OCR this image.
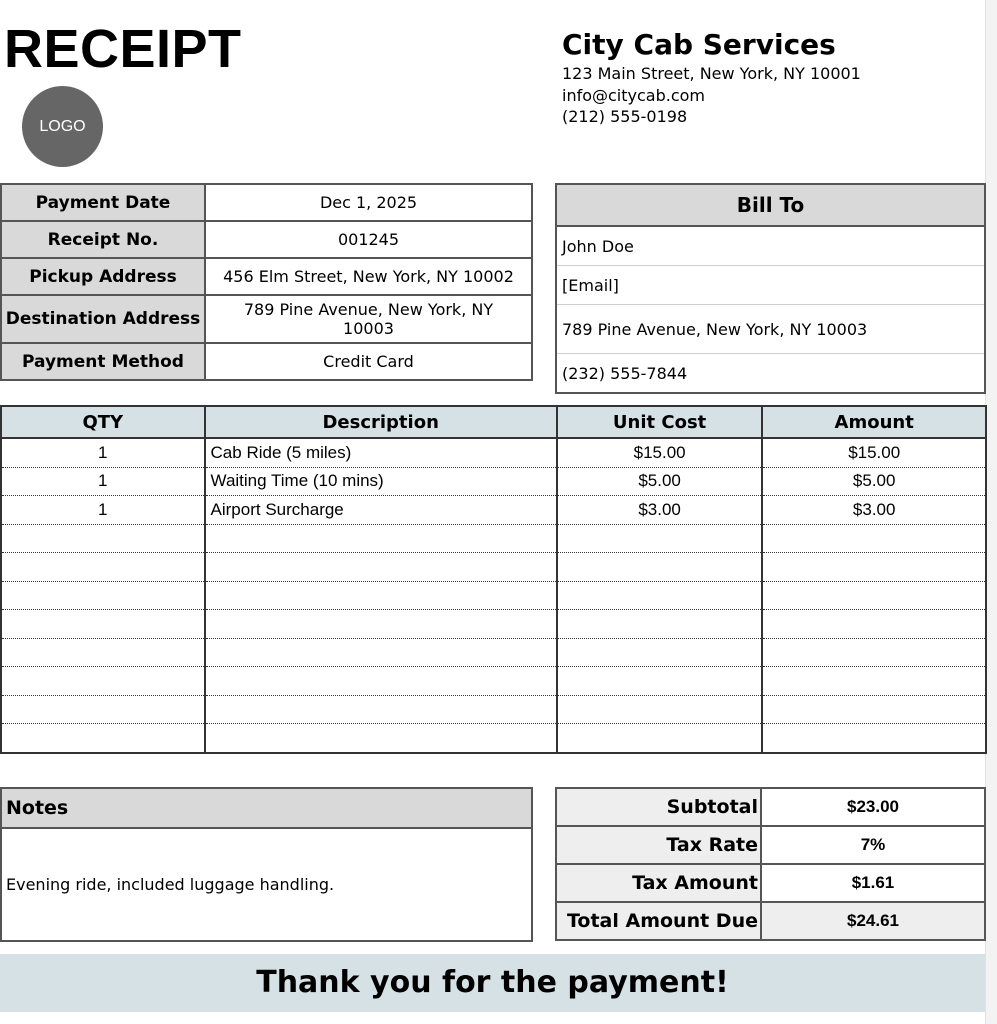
RECEIPT
LOGO
City Cab Services
123 Main Street, New York, NY 10001
info@citycab.com
(212) 555-0198
Payment Date	Dec 1, 2025
Receipt No.	001245
Pickup Address	456 Elm Street, New York, NY 10002
Destination Address	789 Pine Avenue, New York, NY 10003
Payment Method	Credit Card
Bill To
John Doe
[Email]
789 Pine Avenue, New York, NY 10003
(232) 555-7844
QTY	Description	Unit Cost	Amount
1	Cab Ride (5 miles)	$15.00	$15.00
1	Waiting Time (10 mins)	$5.00	$5.00
1	Airport Surcharge	$3.00	$3.00

Notes
Evening ride, included luggage handling.
Subtotal	$23.00
Tax Rate	7%
Tax Amount	$1.61
Total Amount Due	$24.61
Thank you for the payment!
